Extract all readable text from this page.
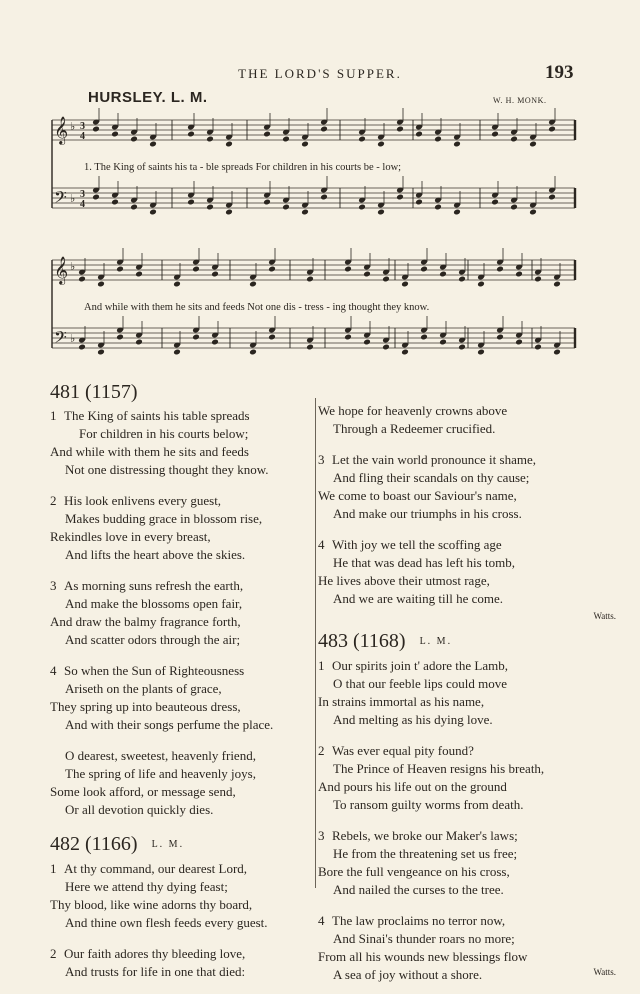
THE LORD'S SUPPER.	193
HURSLEY. L. M.	W. H. MONK.
𝄞 ♭ 3
4
𝄢 ♭ 3
4
1. The King of saints his ta - ble spreads For children in his courts be - low;
𝄞 ♭
𝄢 ♭
And while with them he sits and feeds Not one dis - tress - ing thought they know.
481 (1157)
1 The King of saints his table spreads
For children in his courts below;
And while with them he sits and feeds
Not one distressing thought they know.
2 His look enlivens every guest,
Makes budding grace in blossom rise,
Rekindles love in every breast,
And lifts the heart above the skies.
3 As morning suns refresh the earth,
And make the blossoms open fair,
And draw the balmy fragrance forth,
And scatter odors through the air;
4 So when the Sun of Righteousness
Ariseth on the plants of grace,
They spring up into beauteous dress,
And with their songs perfume the place.
O dearest, sweetest, heavenly friend,
The spring of life and heavenly joys,
Some look afford, or message send,
Or all devotion quickly dies.
482 (1166) L. M.
1 At thy command, our dearest Lord,
Here we attend thy dying feast;
Thy blood, like wine adorns thy board,
And thine own flesh feeds every guest.
2 Our faith adores thy bleeding love,
And trusts for life in one that died:
We hope for heavenly crowns above
Through a Redeemer crucified.
3 Let the vain world pronounce it shame,
And fling their scandals on thy cause;
We come to boast our Saviour's name,
And make our triumphs in his cross.
4 With joy we tell the scoffing age
He that was dead has left his tomb,
He lives above their utmost rage,
And we are waiting till he come.
Watts.
483 (1168) L. M.
1 Our spirits join t' adore the Lamb,
O that our feeble lips could move
In strains immortal as his name,
And melting as his dying love.
2 Was ever equal pity found?
The Prince of Heaven resigns his breath,
And pours his life out on the ground
To ransom guilty worms from death.
3 Rebels, we broke our Maker's laws;
He from the threatening set us free;
Bore the full vengeance on his cross,
And nailed the curses to the tree.
4 The law proclaims no terror now,
And Sinai's thunder roars no more;
From all his wounds new blessings flow
A sea of joy without a shore.	Watts.
